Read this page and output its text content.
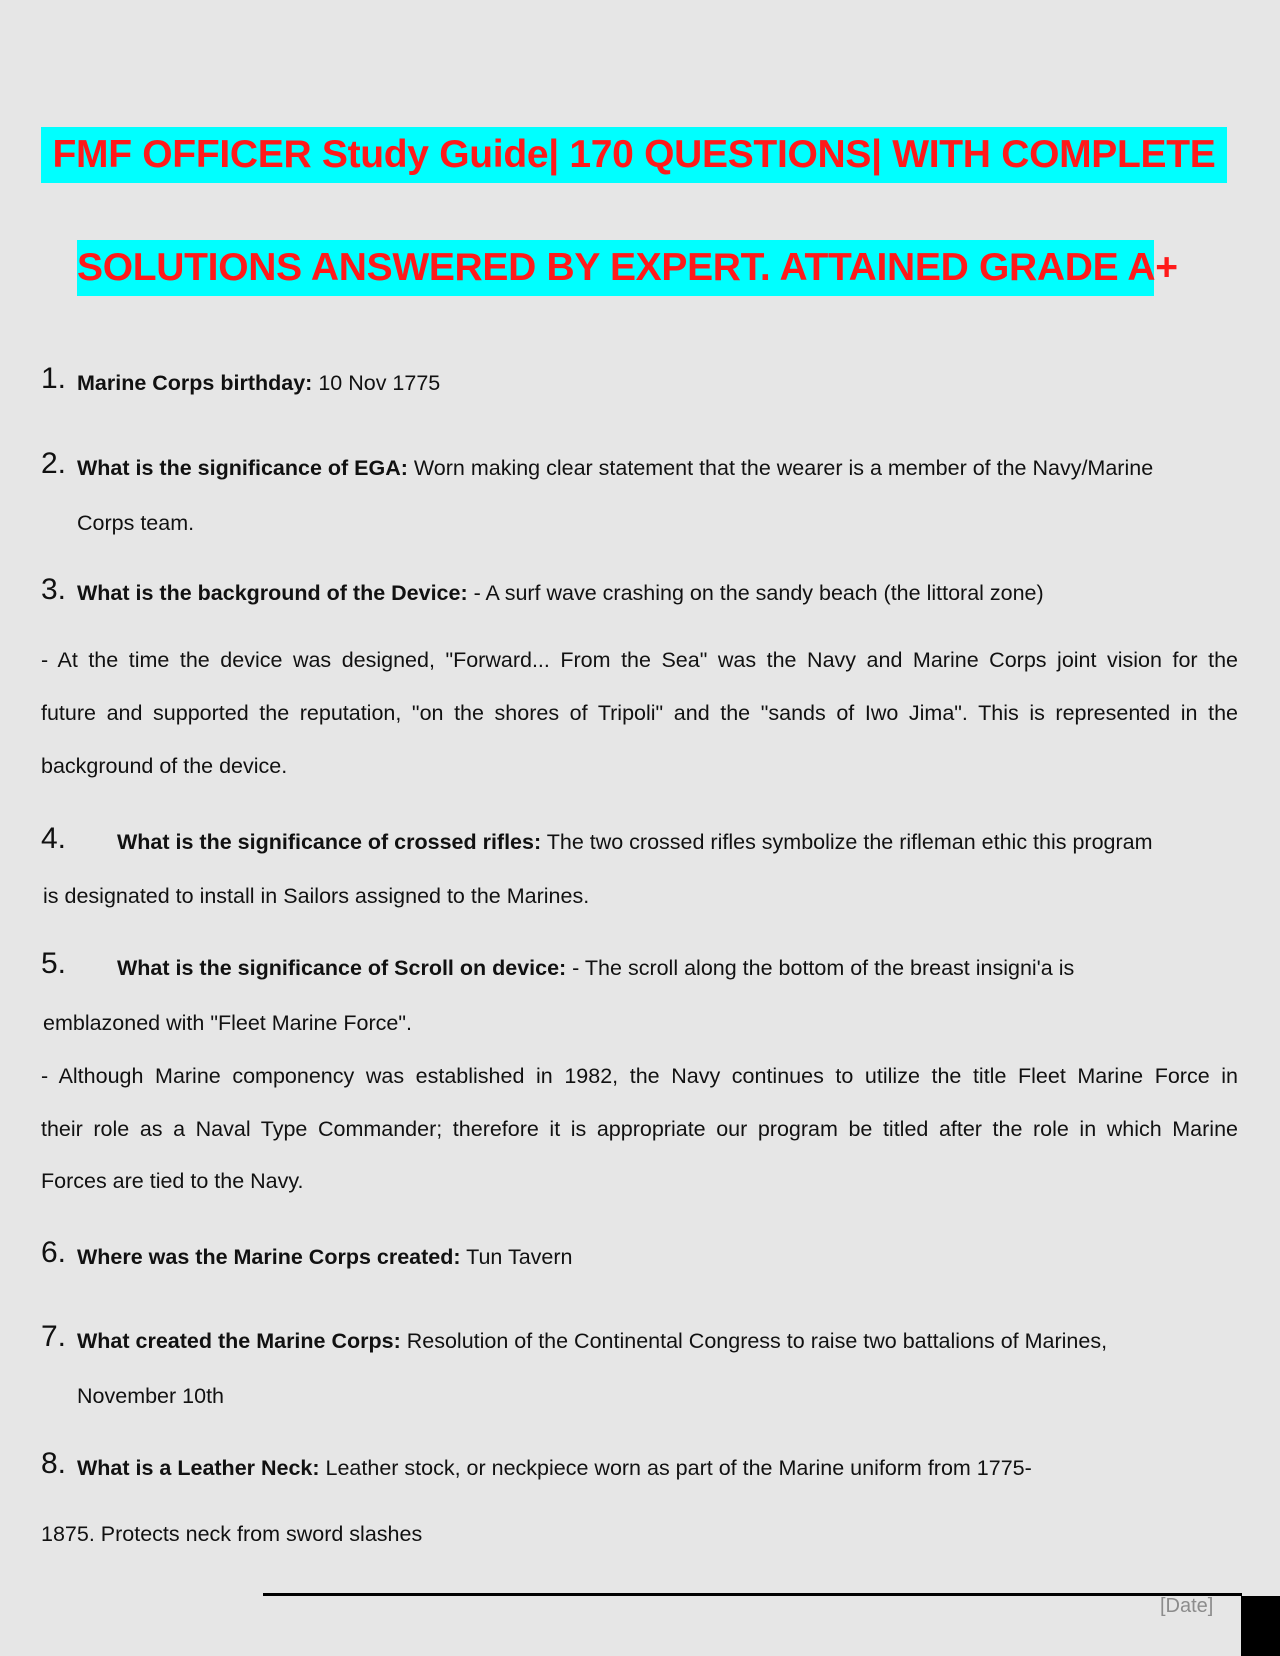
FMF OFFICER Study Guide| 170 QUESTIONS| WITH COMPLETE
SOLUTIONS ANSWERED BY EXPERT. ATTAINED GRADE A+
1. Marine Corps birthday: 10 Nov 1775
2. What is the significance of EGA: Worn making clear statement that the wearer is a member of the Navy/Marine
Corps team.
3. What is the background of the Device: - A surf wave crashing on the sandy beach (the littoral zone)
- At the time the device was designed, "Forward... From the Sea" was the Navy and Marine Corps joint vision for the
future and supported the reputation, "on the shores of Tripoli" and the "sands of Iwo Jima". This is represented in the
background of the device.
4. What is the significance of crossed rifles: The two crossed rifles symbolize the rifleman ethic this program
is designated to install in Sailors assigned to the Marines.
5. What is the significance of Scroll on device: - The scroll along the bottom of the breast insigni'a is
emblazoned with "Fleet Marine Force".
- Although Marine componency was established in 1982, the Navy continues to utilize the title Fleet Marine Force in
their role as a Naval Type Commander; therefore it is appropriate our program be titled after the role in which Marine
Forces are tied to the Navy.
6. Where was the Marine Corps created: Tun Tavern
7. What created the Marine Corps: Resolution of the Continental Congress to raise two battalions of Marines,
November 10th
8. What is a Leather Neck: Leather stock, or neckpiece worn as part of the Marine uniform from 1775-
1875. Protects neck from sword slashes
[Date]
